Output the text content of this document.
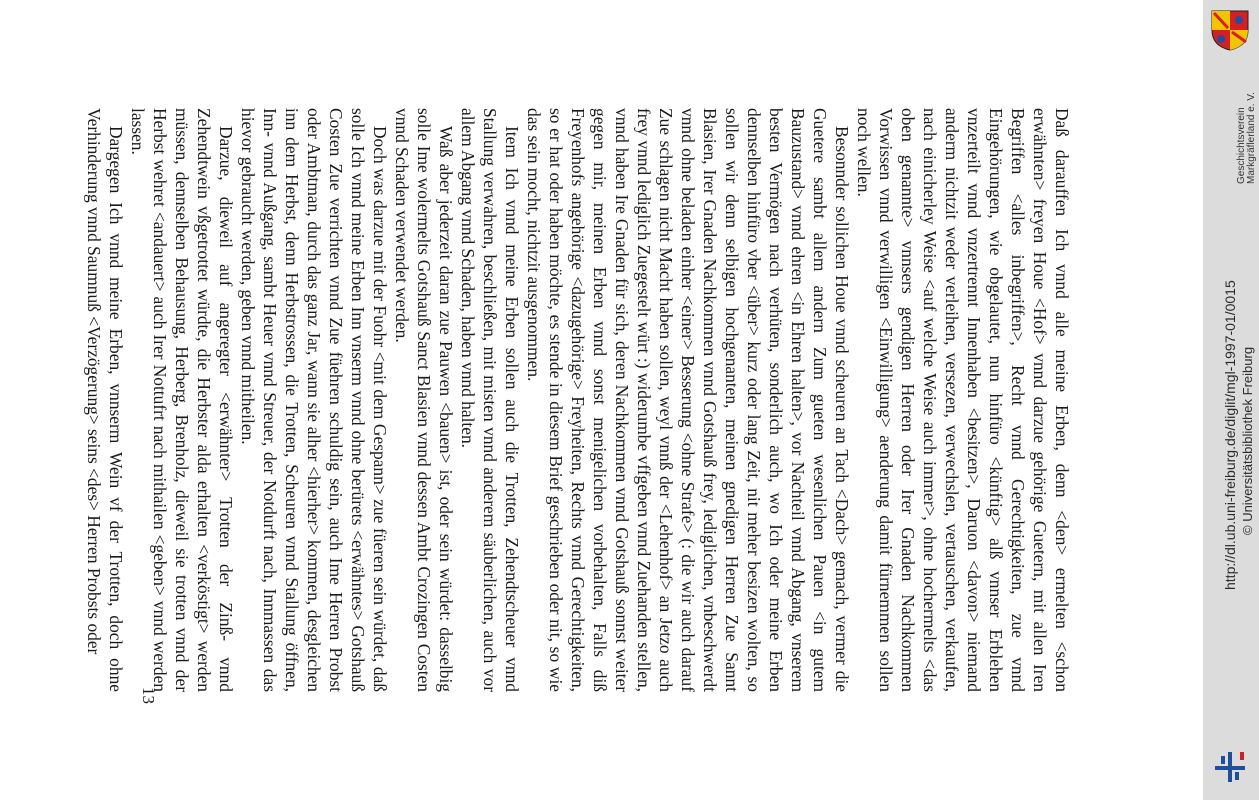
Daß darauffen Ich vnnd alle meine Erben, denn <den> ermelten <schon erwähnten> freyen Houe <Hof> vnnd darzue gehörige Guetern, mit allen Iren Begriffen <alles inbegriffen>, Recht vnnd Gerechtigkeiten, zue vnnd Eingehörungen, wie obgelautet, nun hinfüro <künftig> alß vnnser Erblehen vnzerteilt vnnd vnzertrennt Innenhaben <besitzen>, Daruon <davon> niemand anderm nichtzit weder verleihen, versezen, verwechslen, vertauschen, verkaufen, nach einicherley Weise <auf welche Weise auch immer>, ohne hochermelts <das oben genannte> vnnsers gendigen Herren oder Irer Gnaden Nachkommen Vorwissen vnnd verwilligen <Einwilligung> aenderung damit fürnemmen sollen noch wellen.

Besonnder sollichen Houe vnnd scheuren an Tach <Dach> gemach, vermer die Guetere sambt allem andern Zum gueten wesenlichen Pauen <in gutem Bauzustand> vnnd ehren <in Ehren halten>, vor Nachteil vnnd Abgang, vnserem besten Vermögen nach verhüten, sonderlich auch, wo Ich oder meine Erben dennselben hinfüro vber <über> kurz oder lang Zeit, nit meher besizen wolten, so sollen wir denn selbigen hochgenanten, meinen gnedigen Herren Zue Sannt Blasien, Irer Gnaden Nachkommen vnnd Gotshauß frey, lediglichen, vnbeschwerdt vnnd ohne beladen einher <einer> Besserung <ohne Strafe> (: die wir auch darauf Zue schlagen nicht Macht haben sollen, weyl vnnß der <Lehenhof> an Jetzo auch frey vnnd lediglich Zuegestelt würt :) widerumbe vffgeben vnnd Zuehanden stellen, vnnd haben Ire Gnaden für sich, deren Nachkommen vnnd Gotshauß sonnst weiter gegen mir, meinen Erben vnnd sonst menigelichen vorbehalten, Falls diß Freyenhofs angehörige <dazugehörige> Freyheiten, Rechts vnnd Gerechtigkeiten, so er hat oder haben möchte, es stende in diesem Brief geschrieben oder nit, so wie das sein mocht, nichtzit ausgenommen.

Item Ich vnnd meine Erben sollen auch die Trotten, Zehendtscheuer vnnd Stallung verwahren, beschließen, mit misten vnnd anderem säuberlichen, auch vor allem Abgang vnnd Schaden, haben vnnd halten.

Waß aber jederzeit daran zue Pauwen <bauen> ist, oder sein würdet: dasselbig solle Ime wolermelts Gotshauß Sanct Blasien vnnd dessen Ambt Crozingen Costen vnnd Schaden verwendet werden.

Doch was darzue mit der Fuohr <mit dem Gespann> zue füeren sein würdet, daß solle Ich vnnd meine Erben Inn vnserm vnnd ohne berürets <erwähntes> Gotshauß Costen Zue verrichten vnnd Zue füehren schuldig sein, auch Ime Herren Probst oder Ambtman, durch das ganz Jar, wann sie alher <hierher> kommen, desgleichen inn dem Herbst, denn Herbstrossen, die Trotten, Scheuren vnnd Stallung öffnen, Inn- vnnd Außgang, sambt Heuer vnnd Streuer, der Notdurft nach, Innmassen das hievor gebraucht werden, geben vnnd mitheilen.

Darzue, dieweil auf angeregter <erwähnter> Trotten der Zinß- vnnd Zehendtwein vßgetrottet würdte, die Herbster alda erhalten <verköstigt> werden müssen, dennselben Behausung, Herberg, Brenholz, dieweil sie trotten vnnd der Herbst wehret <andauert> auch Irer Nottufrt nach mithailen <geben> vnnd werden lassen.

Dargegen Ich vnnd meine Erben, vnnserm Wein vf der Trotten, doch ohne Verhinderung vnnd Saumnuß <Verzögerung> seins <des> Herren Probsts oder

13
Geschichtsverein Markgräflerland e. V.
http://dl.ub.uni-freiburg.de/diglit/mgl-1997-01/0015 © Universitätsbibliothek Freiburg
